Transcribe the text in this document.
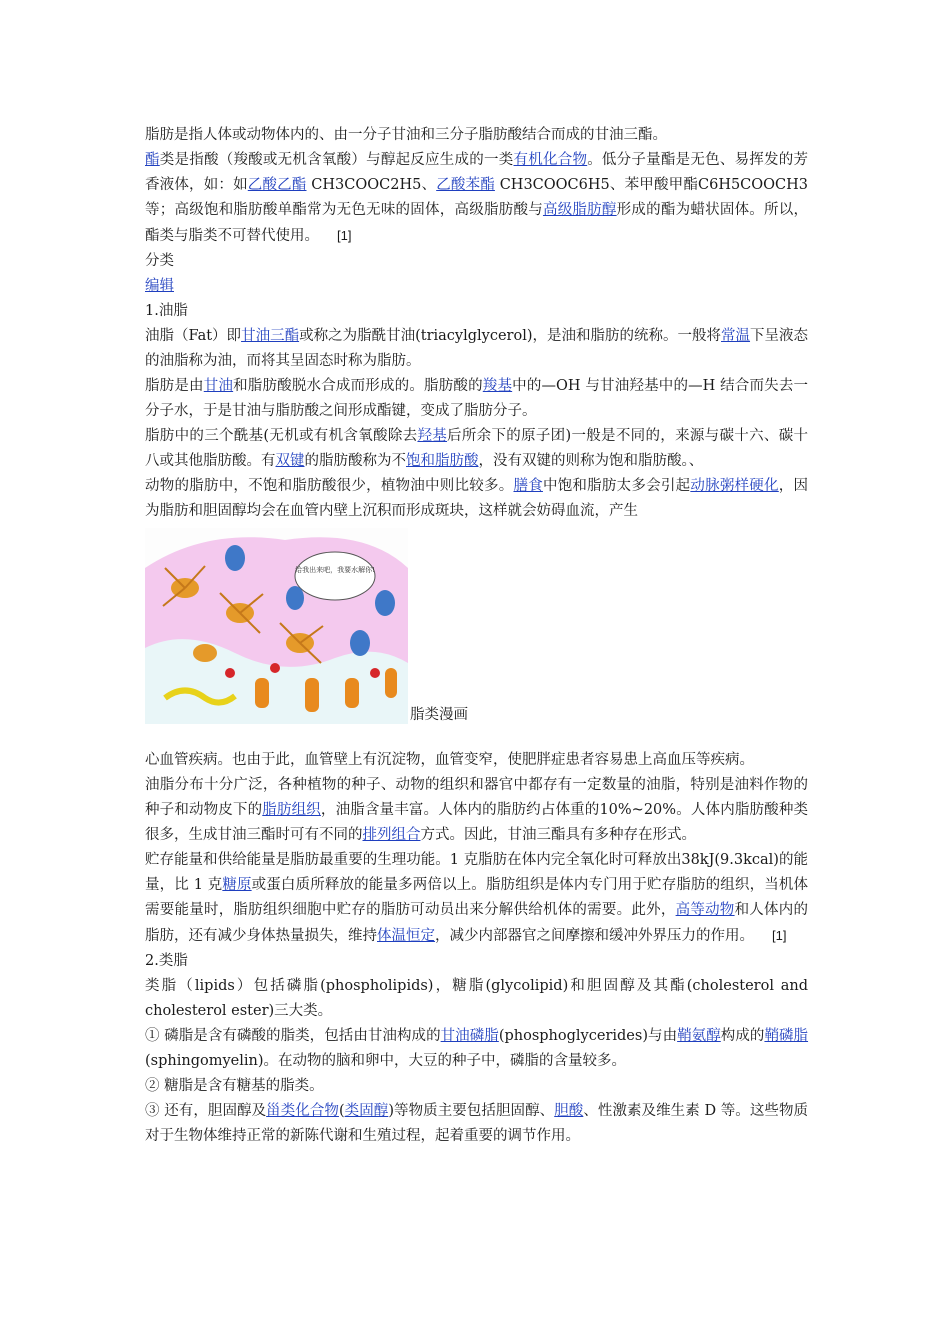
脂肪是指人体或动物体内的、由一分子甘油和三分子脂肪酸结合而成的甘油三酯。

酯类是指酸（羧酸或无机含氧酸）与醇起反应生成的一类有机化合物。低分子量酯是无色、易挥发的芳香液体，如：如乙酸乙酯 CH3COOC2H5、乙酸苯酯 CH3COOC6H5、苯甲酸甲酯C6H5COOCH3 等；高级饱和脂肪酸单酯常为无色无味的固体，高级脂肪酸与高级脂肪醇形成的酯为蜡状固体。所以，酯类与脂类不可替代使用。 [1]

分类

编辑

1.油脂

油脂（Fat）即甘油三酯或称之为脂酰甘油(triacylglycerol)，是油和脂肪的统称。一般将常温下呈液态的油脂称为油，而将其呈固态时称为脂肪。

脂肪是由甘油和脂肪酸脱水合成而形成的。脂肪酸的羧基中的—OH 与甘油羟基中的—H 结合而失去一分子水，于是甘油与脂肪酸之间形成酯键，变成了脂肪分子。

脂肪中的三个酰基(无机或有机含氧酸除去羟基后所余下的原子团)一般是不同的，来源与碳十六、碳十八或其他脂肪酸。有双键的脂肪酸称为不饱和脂肪酸，没有双键的则称为饱和脂肪酸。、

动物的脂肪中，不饱和脂肪酸很少，植物油中则比较多。膳食中饱和脂肪太多会引起动脉粥样硬化，因为脂肪和胆固醇均会在血管内壁上沉积而形成斑块，这样就会妨碍血流，产生

给我出来吧，我要水解你!
脂类漫画

心血管疾病。也由于此，血管壁上有沉淀物，血管变窄，使肥胖症患者容易患上高血压等疾病。

油脂分布十分广泛，各种植物的种子、动物的组织和器官中都存有一定数量的油脂，特别是油料作物的种子和动物皮下的脂肪组织，油脂含量丰富。人体内的脂肪约占体重的10%~20%。人体内脂肪酸种类很多，生成甘油三酯时可有不同的排列组合方式。因此，甘油三酯具有多种存在形式。

贮存能量和供给能量是脂肪最重要的生理功能。1 克脂肪在体内完全氧化时可释放出38kJ(9.3kcal)的能量，比 1 克糖原或蛋白质所释放的能量多两倍以上。脂肪组织是体内专门用于贮存脂肪的组织，当机体需要能量时，脂肪组织细胞中贮存的脂肪可动员出来分解供给机体的需要。此外，高等动物和人体内的脂肪，还有减少身体热量损失，维持体温恒定，减少内部器官之间摩擦和缓冲外界压力的作用。 [1]

2.类脂

类脂（lipids）包括磷脂(phospholipids)，糖脂(glycolipid)和胆固醇及其酯(cholesterol and cholesterol ester)三大类。

① 磷脂是含有磷酸的脂类，包括由甘油构成的甘油磷脂(phosphoglycerides)与由鞘氨醇构成的鞘磷脂(sphingomyelin)。在动物的脑和卵中，大豆的种子中，磷脂的含量较多。

② 糖脂是含有糖基的脂类。

③ 还有，胆固醇及甾类化合物(类固醇)等物质主要包括胆固醇、胆酸、性激素及维生素 D 等。这些物质对于生物体维持正常的新陈代谢和生殖过程，起着重要的调节作用。
